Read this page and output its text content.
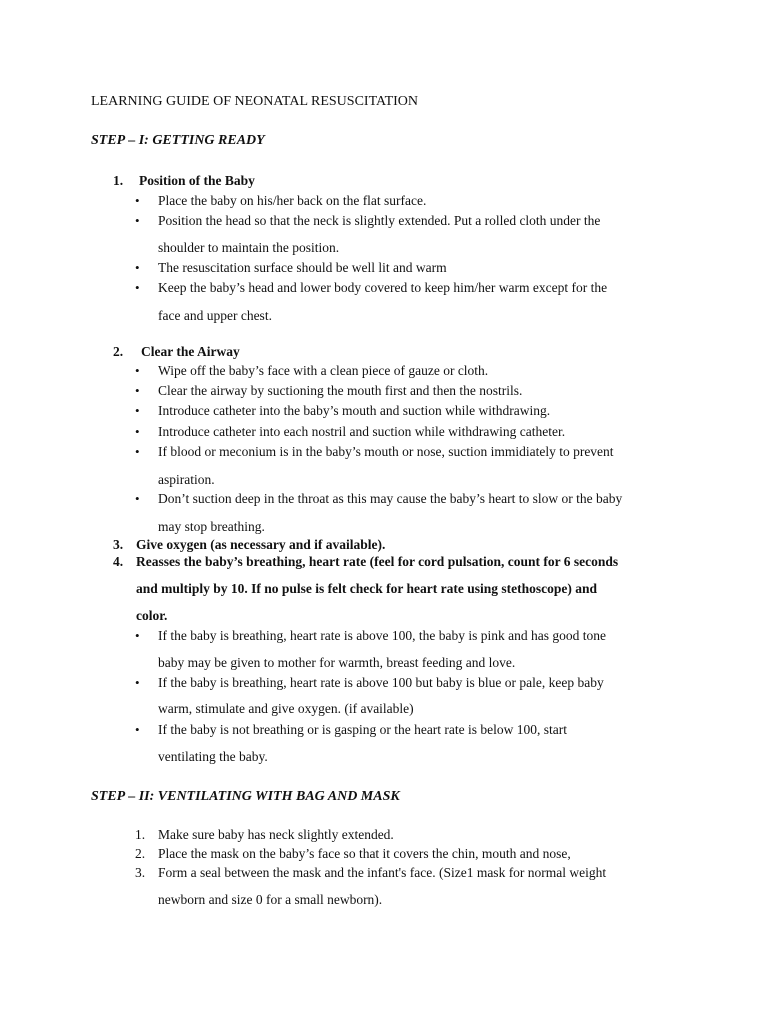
LEARNING GUIDE OF NEONATAL RESUSCITATION
STEP – I: GETTING READY
1. Position of the Baby
• Place the baby on his/her back on the flat surface.
• Position the head so that the neck is slightly extended. Put a rolled cloth under the
shoulder to maintain the position.
• The resuscitation surface should be well lit and warm
• Keep the baby’s head and lower body covered to keep him/her warm except for the
face and upper chest.
2. Clear the Airway
• Wipe off the baby’s face with a clean piece of gauze or cloth.
• Clear the airway by suctioning the mouth first and then the nostrils.
• Introduce catheter into the baby’s mouth and suction while withdrawing.
• Introduce catheter into each nostril and suction while withdrawing catheter.
• If blood or meconium is in the baby’s mouth or nose, suction immidiately to prevent
aspiration.
• Don’t suction deep in the throat as this may cause the baby’s heart to slow or the baby
may stop breathing.
3. Give oxygen (as necessary and if available).
4. Reasses the baby’s breathing, heart rate (feel for cord pulsation, count for 6 seconds
and multiply by 10. If no pulse is felt check for heart rate using stethoscope) and
color.
• If the baby is breathing, heart rate is above 100, the baby is pink and has good tone
baby may be given to mother for warmth, breast feeding and love.
• If the baby is breathing, heart rate is above 100 but baby is blue or pale, keep baby
warm, stimulate and give oxygen. (if available)
• If the baby is not breathing or is gasping or the heart rate is below 100, start
ventilating the baby.
STEP – II: VENTILATING WITH BAG AND MASK
1. Make sure baby has neck slightly extended.
2. Place the mask on the baby’s face so that it covers the chin, mouth and nose,
3. Form a seal between the mask and the infant's face. (Size1 mask for normal weight
newborn and size 0 for a small newborn).
